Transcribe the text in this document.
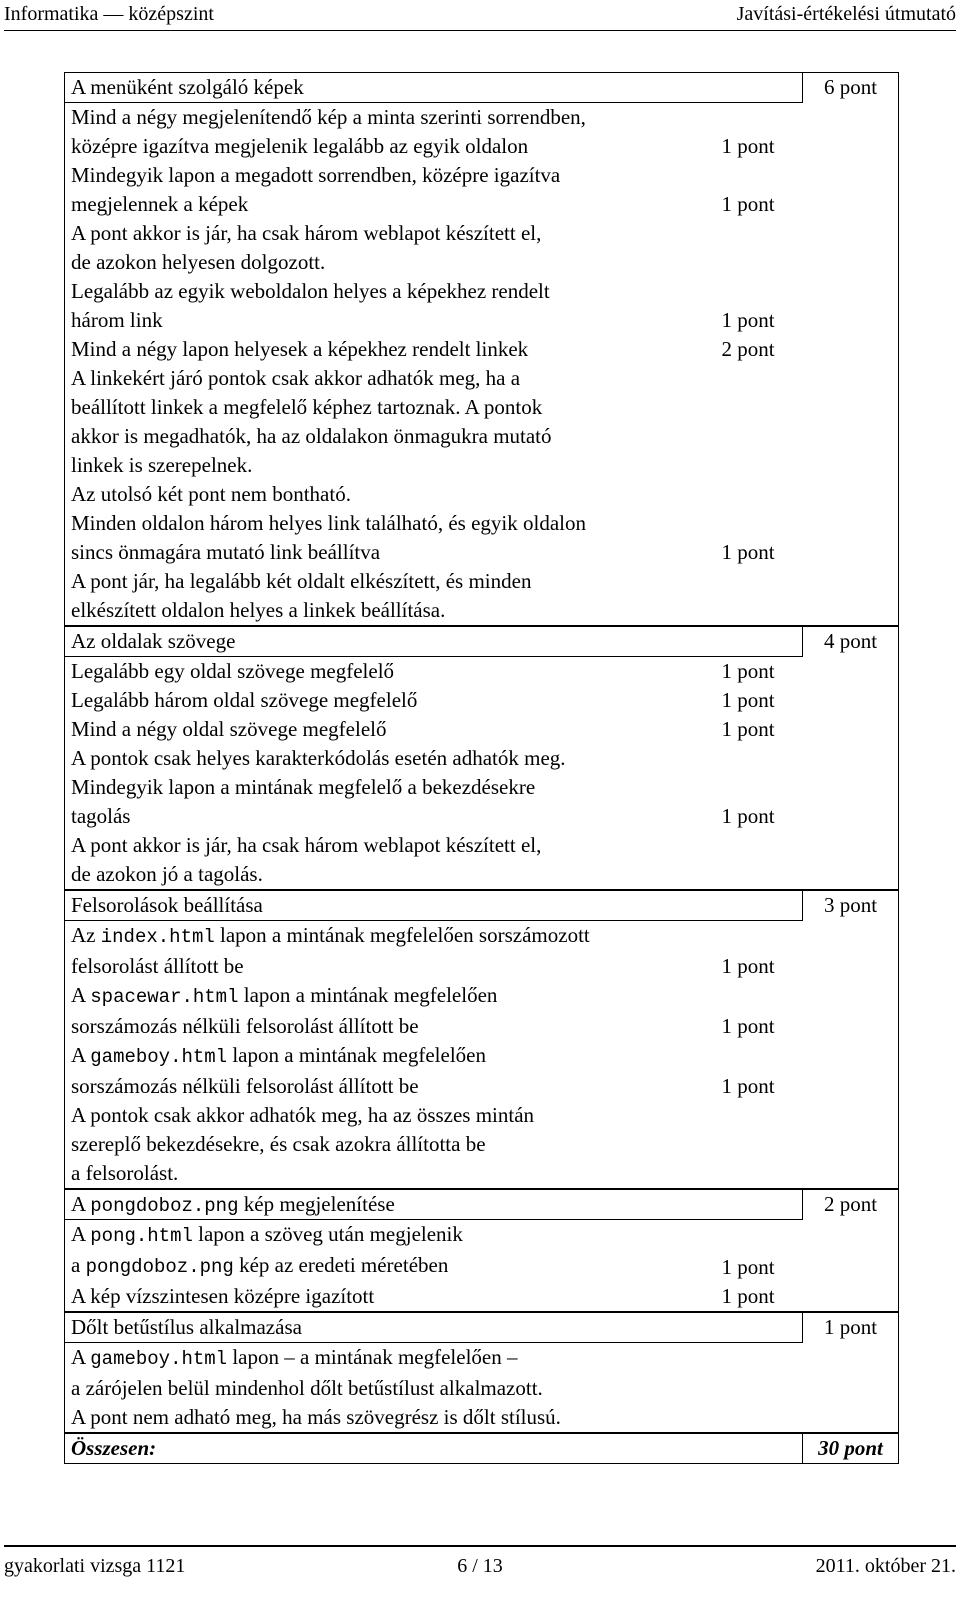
Informatika — középszint	Javítási-értékelési útmutató
A menüként szolgáló képek	6 pont
Mind a négy megjelenítendő kép a minta szerinti sorrendben,
középre igazítva megjelenik legalább az egyik oldalon	1 pont
Mindegyik lapon a megadott sorrendben, középre igazítva
megjelennek a képek	1 pont
A pont akkor is jár, ha csak három weblapot készített el,
de azokon helyesen dolgozott.
Legalább az egyik weboldalon helyes a képekhez rendelt
három link	1 pont
Mind a négy lapon helyesek a képekhez rendelt linkek	2 pont
A linkekért járó pontok csak akkor adhatók meg, ha a
beállított linkek a megfelelő képhez tartoznak. A pontok
akkor is megadhatók, ha az oldalakon önmagukra mutató
linkek is szerepelnek.
Az utolsó két pont nem bontható.
Minden oldalon három helyes link található, és egyik oldalon
sincs önmagára mutató link beállítva	1 pont
A pont jár, ha legalább két oldalt elkészített, és minden
elkészített oldalon helyes a linkek beállítása.
Az oldalak szövege	4 pont
Legalább egy oldal szövege megfelelő	1 pont
Legalább három oldal szövege megfelelő	1 pont
Mind a négy oldal szövege megfelelő	1 pont
A pontok csak helyes karakterkódolás esetén adhatók meg.
Mindegyik lapon a mintának megfelelő a bekezdésekre
tagolás	1 pont
A pont akkor is jár, ha csak három weblapot készített el,
de azokon jó a tagolás.
Felsorolások beállítása	3 pont
Az index.html lapon a mintának megfelelően sorszámozott
felsorolást állított be	1 pont
A spacewar.html lapon a mintának megfelelően
sorszámozás nélküli felsorolást állított be	1 pont
A gameboy.html lapon a mintának megfelelően
sorszámozás nélküli felsorolást állított be	1 pont
A pontok csak akkor adhatók meg, ha az összes mintán
szereplő bekezdésekre, és csak azokra állította be
a felsorolást.
A pongdoboz.png kép megjelenítése	2 pont
A pong.html lapon a szöveg után megjelenik
a pongdoboz.png kép az eredeti méretében	1 pont
A kép vízszintesen középre igazított	1 pont
Dőlt betűstílus alkalmazása	1 pont
A gameboy.html lapon – a mintának megfelelően –
a zárójelen belül mindenhol dőlt betűstílust alkalmazott.
A pont nem adható meg, ha más szövegrész is dőlt stílusú.
Összesen:	30 pont
gyakorlati vizsga 1121	6 / 13	2011. október 21.
